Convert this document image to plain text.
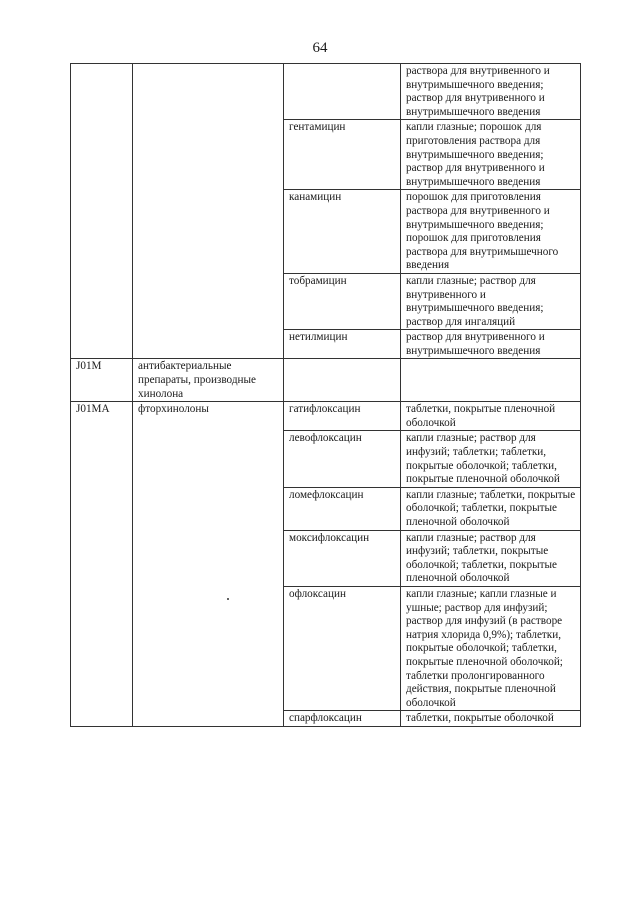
64
			раствора для внутривенного и внутримышечного введения; раствор для внутривенного и внутримышечного введения
		гентамицин	капли глазные; порошок для приготовления раствора для внутримышечного введения; раствор для внутривенного и внутримышечного введения
		канамицин	порошок для приготовления раствора для внутривенного и внутримышечного введения; порошок для приготовления раствора для внутримышечного введения
		тобрамицин	капли глазные; раствор для внутривенного и внутримышечного введения; раствор для ингаляций
		нетилмицин	раствор для внутривенного и внутримышечного введения
J01M	антибактериальные препараты, производные хинолона		
J01MA	фторхинолоны	гатифлоксацин	таблетки, покрытые пленочной оболочкой
		левофлоксацин	капли глазные; раствор для инфузий; таблетки; таблетки, покрытые оболочкой; таблетки, покрытые пленочной оболочкой
		ломефлоксацин	капли глазные; таблетки, покрытые оболочкой; таблетки, покрытые пленочной оболочкой
		моксифлоксацин	капли глазные; раствор для инфузий; таблетки, покрытые оболочкой; таблетки, покрытые пленочной оболочкой
		офлоксацин	капли глазные; капли глазные и ушные; раствор для инфузий; раствор для инфузий (в растворе натрия хлорида 0,9%); таблетки, покрытые оболочкой; таблетки, покрытые пленочной оболочкой; таблетки пролонгированного действия, покрытые пленочной оболочкой
		спарфлоксацин	таблетки, покрытые оболочкой
